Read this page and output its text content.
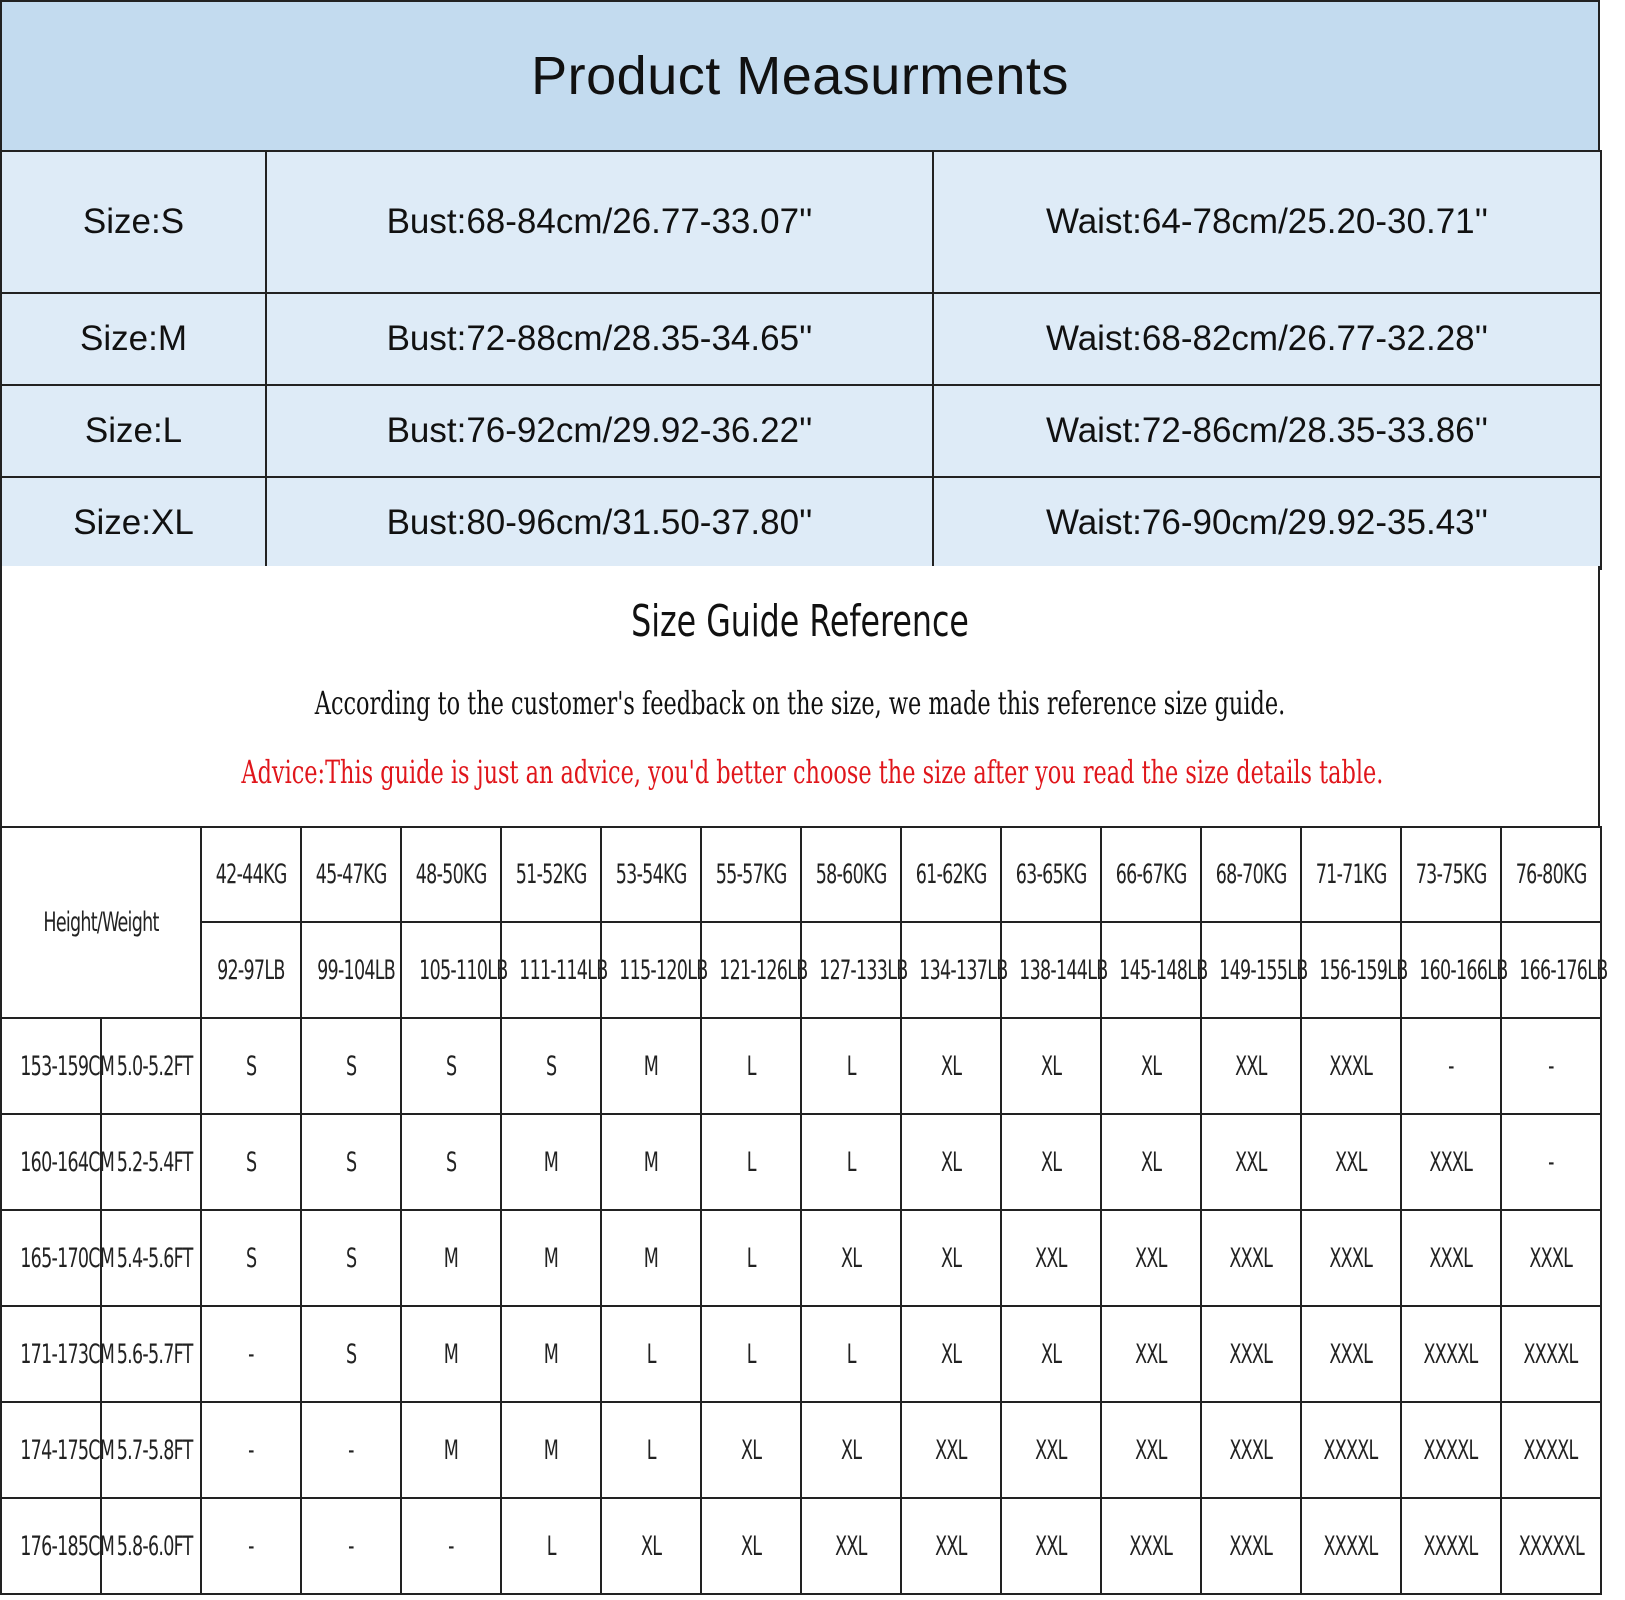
Product Measurments
Size:S	Bust:68-84cm/26.77-33.07''	Waist:64-78cm/25.20-30.71''
Size:M	Bust:72-88cm/28.35-34.65''	Waist:68-82cm/26.77-32.28''
Size:L	Bust:76-92cm/29.92-36.22''	Waist:72-86cm/28.35-33.86''
Size:XL	Bust:80-96cm/31.50-37.80''	Waist:76-90cm/29.92-35.43''
Size Guide Reference
According to the customer's feedback on the size, we made this reference size guide.
Advice:This guide is just an advice, you'd better choose the size after you read the size details table.
Height/Weight		42-44KG	45-47KG	48-50KG	51-52KG	53-54KG	55-57KG	58-60KG	61-62KG	63-65KG	66-67KG	68-70KG	71-71KG	73-75KG	76-80KG
		92-97LB	99-104LB	105-110LB	111-114LB	115-120LB	121-126LB	127-133LB	134-137LB	138-144LB	145-148LB	149-155LB	156-159LB	160-166LB	166-176LB
153-159CM	5.0-5.2FT	S	S	S	S	M	L	L	XL	XL	XL	XXL	XXXL	-	-
160-164CM	5.2-5.4FT	S	S	S	M	M	L	L	XL	XL	XL	XXL	XXL	XXXL	-
165-170CM	5.4-5.6FT	S	S	M	M	M	L	XL	XL	XXL	XXL	XXXL	XXXL	XXXL	XXXL
171-173CM	5.6-5.7FT	-	S	M	M	L	L	L	XL	XL	XXL	XXXL	XXXL	XXXXL	XXXXL
174-175CM	5.7-5.8FT	-	-	M	M	L	XL	XL	XXL	XXL	XXL	XXXL	XXXXL	XXXXL	XXXXL
176-185CM	5.8-6.0FT	-	-	-	L	XL	XL	XXL	XXL	XXL	XXXL	XXXL	XXXXL	XXXXL	XXXXXL
